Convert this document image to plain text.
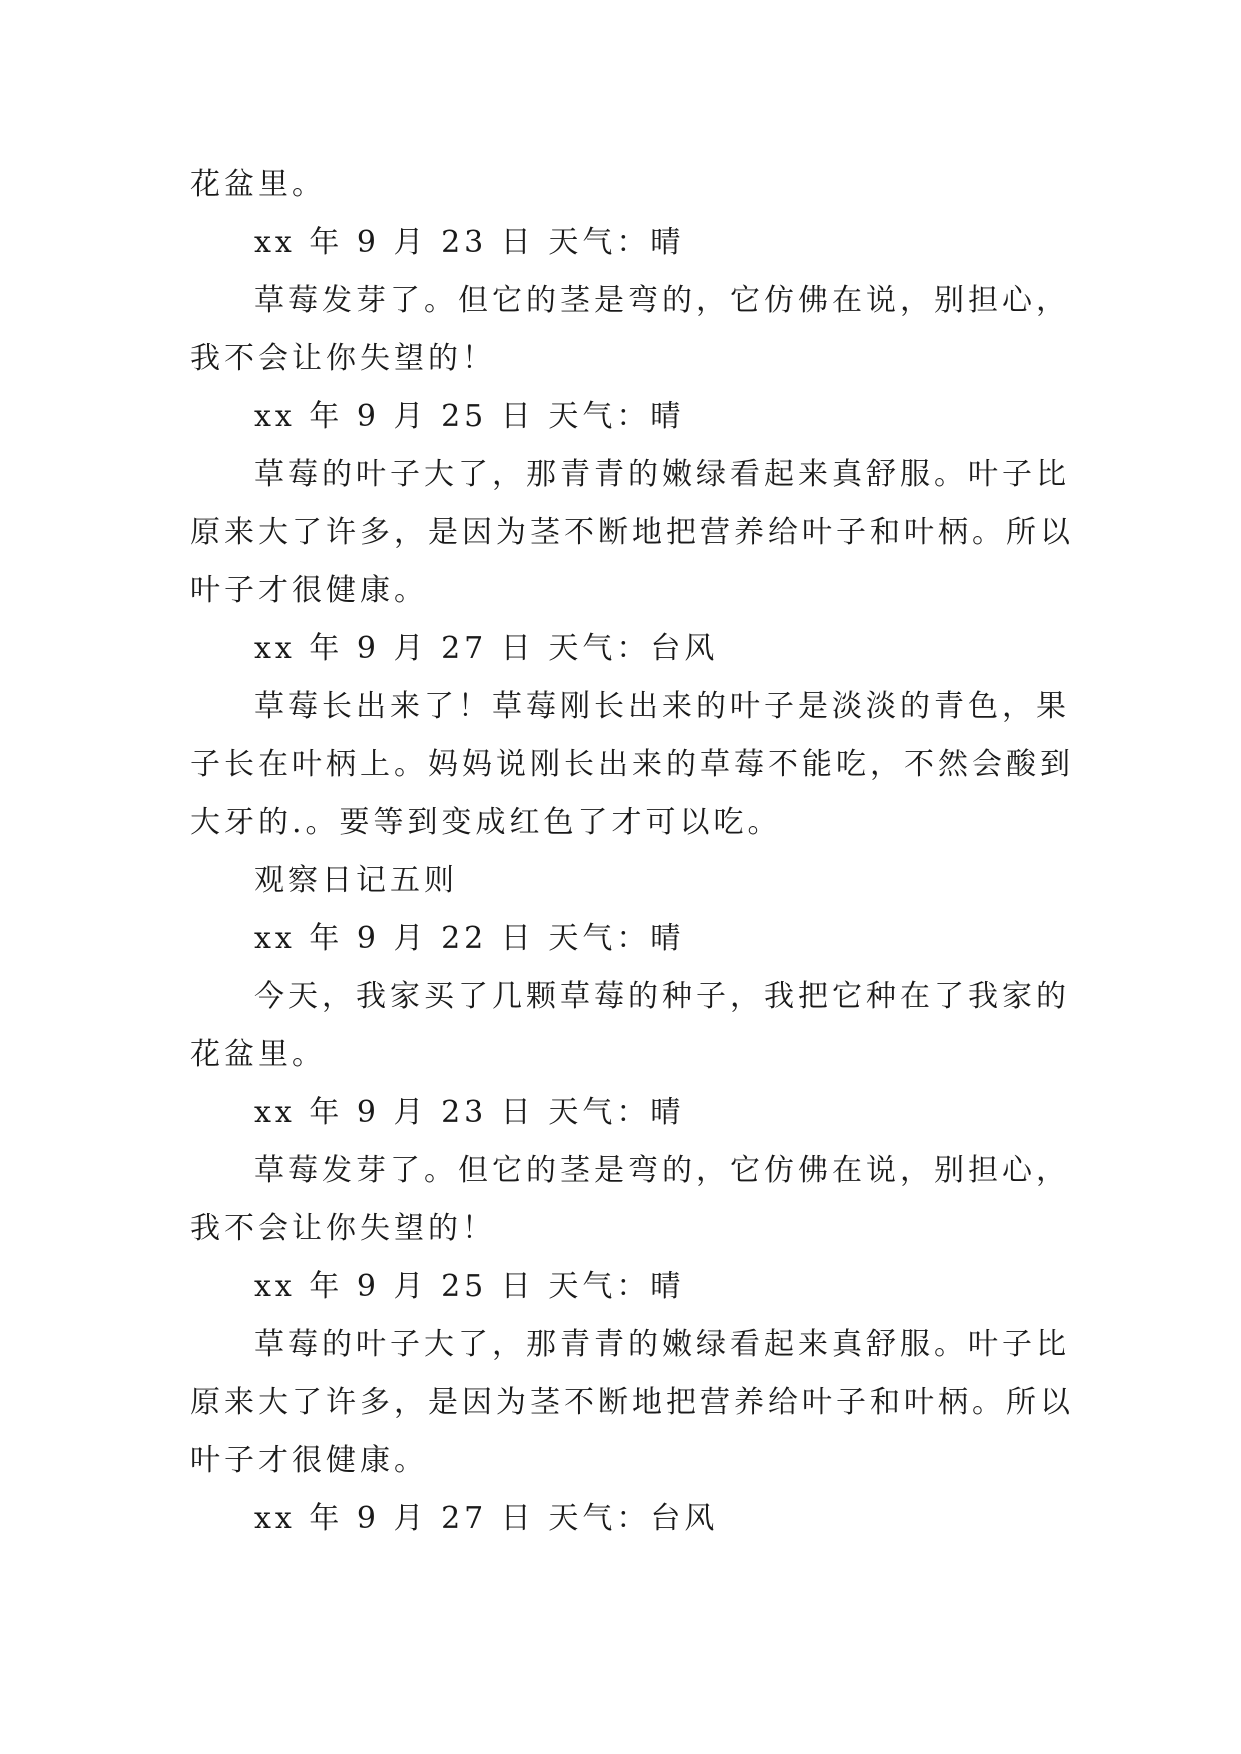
花盆里。

xx 年 9 月 23 日 天气：晴

草莓发芽了。但它的茎是弯的，它仿佛在说，别担心，

我不会让你失望的！

xx 年 9 月 25 日 天气：晴

草莓的叶子大了，那青青的嫩绿看起来真舒服。叶子比

原来大了许多，是因为茎不断地把营养给叶子和叶柄。所以

叶子才很健康。

xx 年 9 月 27 日 天气：台风

草莓长出来了！草莓刚长出来的叶子是淡淡的青色，果

子长在叶柄上。妈妈说刚长出来的草莓不能吃，不然会酸到

大牙的.。要等到变成红色了才可以吃。

观察日记五则

xx 年 9 月 22 日 天气：晴

今天，我家买了几颗草莓的种子，我把它种在了我家的

花盆里。

xx 年 9 月 23 日 天气：晴

草莓发芽了。但它的茎是弯的，它仿佛在说，别担心，

我不会让你失望的！

xx 年 9 月 25 日 天气：晴

草莓的叶子大了，那青青的嫩绿看起来真舒服。叶子比

原来大了许多，是因为茎不断地把营养给叶子和叶柄。所以

叶子才很健康。

xx 年 9 月 27 日 天气：台风
